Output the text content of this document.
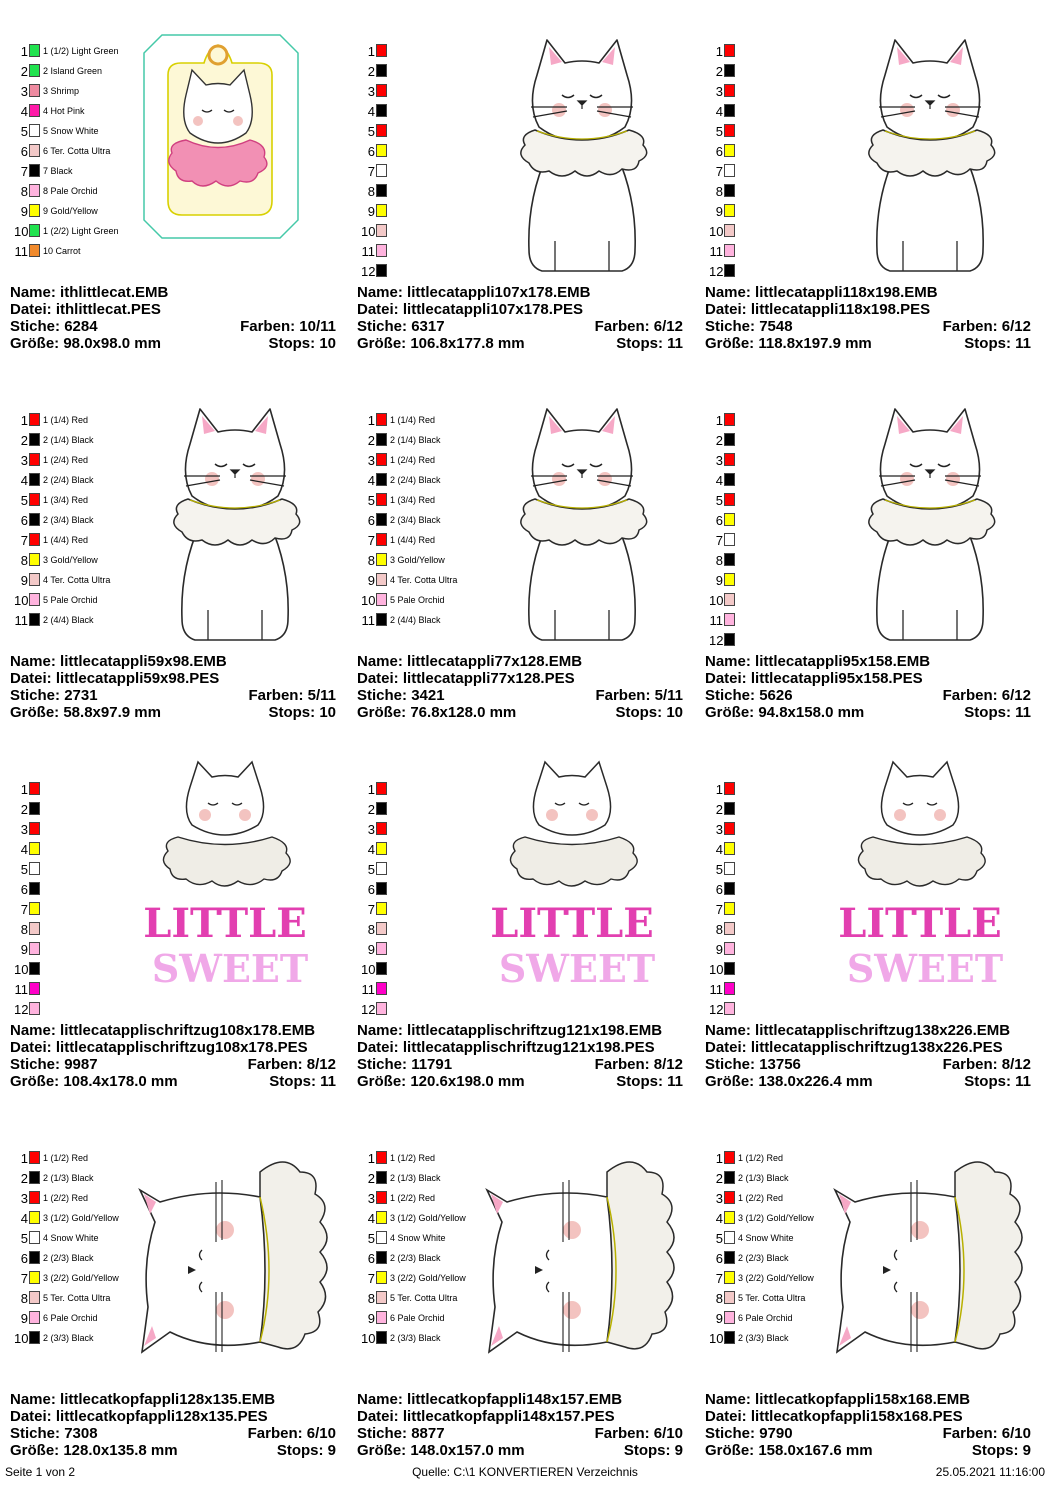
1 1 (1/2) Light Green
2 2 Island Green
3 3 Shrimp
4 4 Hot Pink
5 5 Snow White
6 6 Ter. Cotta Ultra
7 7 Black
8 8 Pale Orchid
9 9 Gold/Yellow
10 1 (2/2) Light Green
11 10 Carrot
Name: ithlittlecat.EMB
Datei: ithlittlecat.PES
Stiche: 6284	Farben: 10/11
Größe: 98.0x98.0 mm	Stops: 10
1
2
3
4
5
6
7
8
9
10
11
12
Name: littlecatappli107x178.EMB
Datei: littlecatappli107x178.PES
Stiche: 6317	Farben: 6/12
Größe: 106.8x177.8 mm	Stops: 11
1
2
3
4
5
6
7
8
9
10
11
12
Name: littlecatappli118x198.EMB
Datei: littlecatappli118x198.PES
Stiche: 7548	Farben: 6/12
Größe: 118.8x197.9 mm	Stops: 11
1 1 (1/4) Red
2 2 (1/4) Black
3 1 (2/4) Red
4 2 (2/4) Black
5 1 (3/4) Red
6 2 (3/4) Black
7 1 (4/4) Red
8 3 Gold/Yellow
9 4 Ter. Cotta Ultra
10 5 Pale Orchid
11 2 (4/4) Black
Name: littlecatappli59x98.EMB
Datei: littlecatappli59x98.PES
Stiche: 2731	Farben: 5/11
Größe: 58.8x97.9 mm	Stops: 10
1 1 (1/4) Red
2 2 (1/4) Black
3 1 (2/4) Red
4 2 (2/4) Black
5 1 (3/4) Red
6 2 (3/4) Black
7 1 (4/4) Red
8 3 Gold/Yellow
9 4 Ter. Cotta Ultra
10 5 Pale Orchid
11 2 (4/4) Black
Name: littlecatappli77x128.EMB
Datei: littlecatappli77x128.PES
Stiche: 3421	Farben: 5/11
Größe: 76.8x128.0 mm	Stops: 10
1
2
3
4
5
6
7
8
9
10
11
12
Name: littlecatappli95x158.EMB
Datei: littlecatappli95x158.PES
Stiche: 5626	Farben: 6/12
Größe: 94.8x158.0 mm	Stops: 11
1
2
3
4
5
6
7
8
9
10
11
12
LITTLE
SWEET
Name: littlecatapplischriftzug108x178.EMB
Datei: littlecatapplischriftzug108x178.PES
Stiche: 9987	Farben: 8/12
Größe: 108.4x178.0 mm	Stops: 11
1
2
3
4
5
6
7
8
9
10
11
12
LITTLE
SWEET
Name: littlecatapplischriftzug121x198.EMB
Datei: littlecatapplischriftzug121x198.PES
Stiche: 11791	Farben: 8/12
Größe: 120.6x198.0 mm	Stops: 11
1
2
3
4
5
6
7
8
9
10
11
12
LITTLE
SWEET
Name: littlecatapplischriftzug138x226.EMB
Datei: littlecatapplischriftzug138x226.PES
Stiche: 13756	Farben: 8/12
Größe: 138.0x226.4 mm	Stops: 11
1 1 (1/2) Red
2 2 (1/3) Black
3 1 (2/2) Red
4 3 (1/2) Gold/Yellow
5 4 Snow White
6 2 (2/3) Black
7 3 (2/2) Gold/Yellow
8 5 Ter. Cotta Ultra
9 6 Pale Orchid
10 2 (3/3) Black
Name: littlecatkopfappli128x135.EMB
Datei: littlecatkopfappli128x135.PES
Stiche: 7308	Farben: 6/10
Größe: 128.0x135.8 mm	Stops: 9
1 1 (1/2) Red
2 2 (1/3) Black
3 1 (2/2) Red
4 3 (1/2) Gold/Yellow
5 4 Snow White
6 2 (2/3) Black
7 3 (2/2) Gold/Yellow
8 5 Ter. Cotta Ultra
9 6 Pale Orchid
10 2 (3/3) Black
Name: littlecatkopfappli148x157.EMB
Datei: littlecatkopfappli148x157.PES
Stiche: 8877	Farben: 6/10
Größe: 148.0x157.0 mm	Stops: 9
1 1 (1/2) Red
2 2 (1/3) Black
3 1 (2/2) Red
4 3 (1/2) Gold/Yellow
5 4 Snow White
6 2 (2/3) Black
7 3 (2/2) Gold/Yellow
8 5 Ter. Cotta Ultra
9 6 Pale Orchid
10 2 (3/3) Black
Name: littlecatkopfappli158x168.EMB
Datei: littlecatkopfappli158x168.PES
Stiche: 9790	Farben: 6/10
Größe: 158.0x167.6 mm	Stops: 9
Seite 1 von 2	Quelle: C:\1 KONVERTIEREN Verzeichnis	25.05.2021 11:16:00
